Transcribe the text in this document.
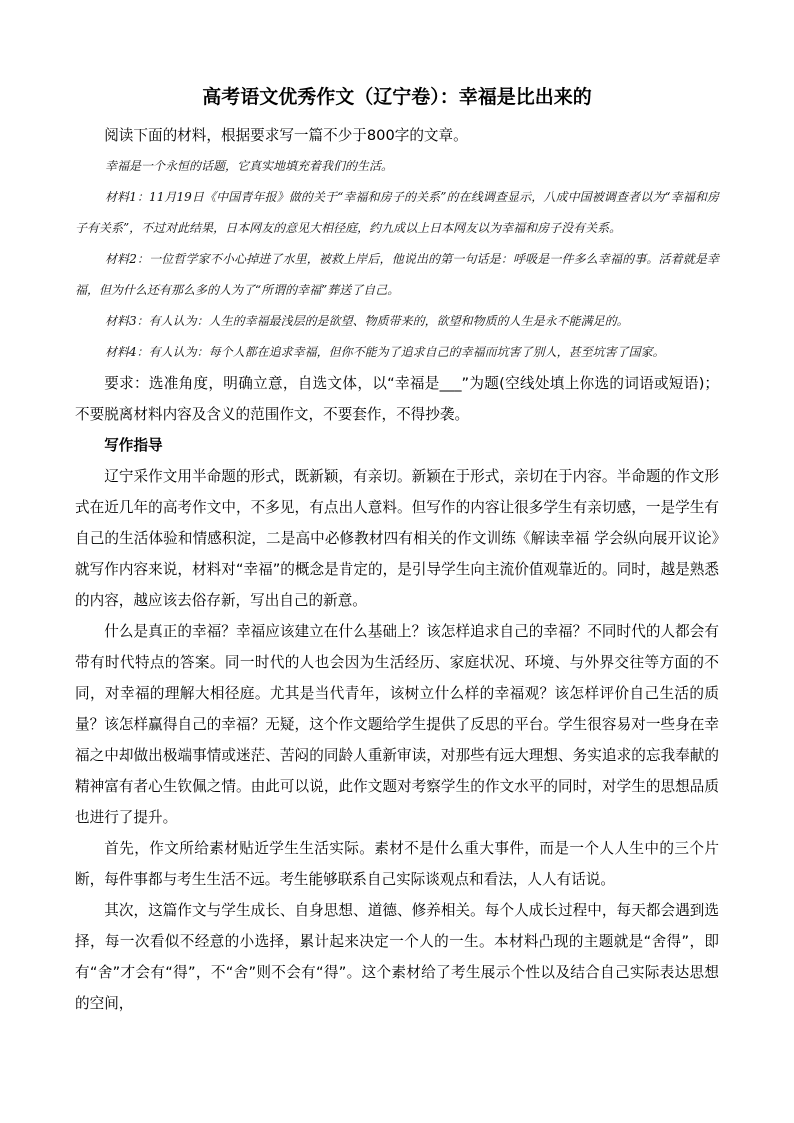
高考语文优秀作文（辽宁卷）：幸福是比出来的

阅读下面的材料，根据要求写一篇不少于800字的文章。

幸福是一个永恒的话题，它真实地填充着我们的生活。

材料1：11月19日《中国青年报》做的关于“幸福和房子的关系”的在线调查显示，八成中国被调查者以为“幸福和房子有关系”，不过对此结果，日本网友的意见大相径庭，约九成以上日本网友以为幸福和房子没有关系。

材料2：一位哲学家不小心掉进了水里，被救上岸后，他说出的第一句话是：呼吸是一件多么幸福的事。活着就是幸福，但为什么还有那么多的人为了“所谓的幸福”葬送了自己。

材料3：有人认为：人生的幸福最浅层的是欲望、物质带来的，欲望和物质的人生是永不能满足的。

材料4：有人认为：每个人都在追求幸福，但你不能为了追求自己的幸福而坑害了别人，甚至坑害了国家。

要求：选准角度，明确立意，自选文体，以“幸福是___”为题(空线处填上你选的词语或短语)；不要脱离材料内容及含义的范围作文，不要套作，不得抄袭。

写作指导

辽宁采作文用半命题的形式，既新颖，有亲切。新颖在于形式，亲切在于内容。半命题的作文形式在近几年的高考作文中，不多见，有点出人意料。但写作的内容让很多学生有亲切感，一是学生有自己的生活体验和情感积淀，二是高中必修教材四有相关的作文训练《解读幸福 学会纵向展开议论》就写作内容来说，材料对“幸福”的概念是肯定的，是引导学生向主流价值观靠近的。同时，越是熟悉的内容，越应该去俗存新，写出自己的新意。

什么是真正的幸福？幸福应该建立在什么基础上？该怎样追求自己的幸福？不同时代的人都会有带有时代特点的答案。同一时代的人也会因为生活经历、家庭状况、环境、与外界交往等方面的不同，对幸福的理解大相径庭。尤其是当代青年，该树立什么样的幸福观？该怎样评价自己生活的质量？该怎样赢得自己的幸福？无疑，这个作文题给学生提供了反思的平台。学生很容易对一些身在幸福之中却做出极端事情或迷茫、苦闷的同龄人重新审读，对那些有远大理想、务实追求的忘我奉献的精神富有者心生钦佩之情。由此可以说，此作文题对考察学生的作文水平的同时，对学生的思想品质也进行了提升。

首先，作文所给素材贴近学生生活实际。素材不是什么重大事件，而是一个人人生中的三个片断，每件事都与考生生活不远。考生能够联系自己实际谈观点和看法，人人有话说。

其次，这篇作文与学生成长、自身思想、道德、修养相关。每个人成长过程中，每天都会遇到选择，每一次看似不经意的小选择，累计起来决定一个人的一生。本材料凸现的主题就是“舍得”，即有“舍”才会有“得”，不“舍”则不会有“得”。这个素材给了考生展示个性以及结合自己实际表达思想的空间，
